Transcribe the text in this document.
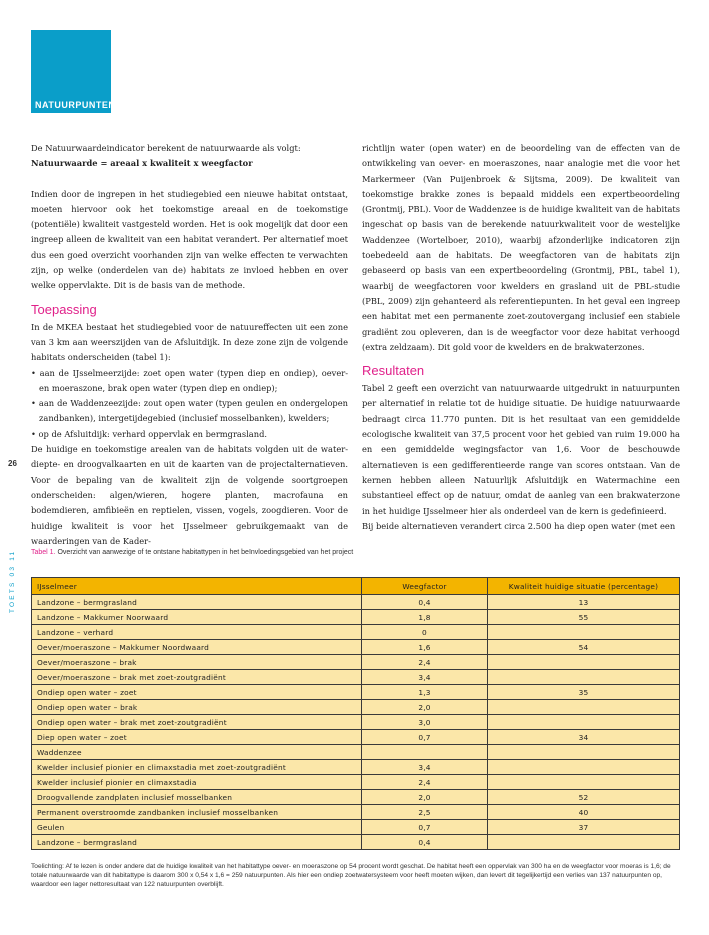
NATUURPUNTEN
26
TOETS 03 11

De Natuurwaardeindicator berekent de natuurwaarde als volgt:

Natuurwaarde = areaal x kwaliteit x weegfactor

Indien door de ingrepen in het studiegebied een nieuwe habitat ontstaat, moeten hiervoor ook het toekomstige areaal en de toekomstige (potentiële) kwaliteit vastgesteld worden. Het is ook mogelijk dat door een ingreep alleen de kwaliteit van een habitat verandert. Per alternatief moet dus een goed overzicht voorhanden zijn van welke effecten te verwachten zijn, op welke (onderdelen van de) habitats ze invloed hebben en over welke oppervlakte. Dit is de basis van de methode.

Toepassing

In de MKEA bestaat het studiegebied voor de natuureffecten uit een zone van 3 km aan weerszijden van de Afsluitdijk. In deze zone zijn de volgende habitats onderscheiden (tabel 1):

• aan de IJsselmeerzijde: zoet open water (typen diep en ondiep), oever- en moeraszone, brak open water (typen diep en ondiep);

• aan de Waddenzeezijde: zout open water (typen geulen en ondergelopen zandbanken), intergetijdegebied (inclusief mosselbanken), kwelders;

• op de Afsluitdijk: verhard oppervlak en bermgrasland.

De huidige en toekomstige arealen van de habitats volgden uit de water-diepte- en droogvalkaarten en uit de kaarten van de projectalternatieven. Voor de bepaling van de kwaliteit zijn de volgende soortgroepen onderscheiden: algen/wieren, hogere planten, macrofauna en bodemdieren, amfibieën en reptielen, vissen, vogels, zoogdieren. Voor de huidige kwaliteit is voor het IJsselmeer gebruikgemaakt van de waarderingen van de Kader-

richtlijn water (open water) en de beoordeling van de effecten van de ontwikkeling van oever- en moeraszones, naar analogie met die voor het Markermeer (Van Puijenbroek & Sijtsma, 2009). De kwaliteit van toekomstige brakke zones is bepaald middels een expertbeoordeling (Grontmij, PBL). Voor de Waddenzee is de huidige kwaliteit van de habitats ingeschat op basis van de berekende natuurkwaliteit voor de westelijke Waddenzee (Wortelboer, 2010), waarbij afzonderlijke indicatoren zijn toebedeeld aan de habitats. De weegfactoren van de habitats zijn gebaseerd op basis van een expertbeoordeling (Grontmij, PBL, tabel 1), waarbij de weegfactoren voor kwelders en grasland uit de PBL-studie (PBL, 2009) zijn gehanteerd als referentiepunten. In het geval een ingreep een habitat met een permanente zoet-zoutovergang inclusief een stabiele gradiënt zou opleveren, dan is de weegfactor voor deze habitat verhoogd (extra zeldzaam). Dit gold voor de kwelders en de brakwaterzones.

Resultaten

Tabel 2 geeft een overzicht van natuurwaarde uitgedrukt in natuurpunten per alternatief in relatie tot de huidige situatie. De huidige natuurwaarde bedraagt circa 11.770 punten. Dit is het resultaat van een gemiddelde ecologische kwaliteit van 37,5 procent voor het gebied van ruim 19.000 ha en een gemiddelde wegingsfactor van 1,6. Voor de beschouwde alternatieven is een gedifferentieerde range van scores ontstaan. Van de kernen hebben alleen Natuurlijk Afsluitdijk en Watermachine een substantieel effect op de natuur, omdat de aanleg van een brakwaterzone in het huidige IJsselmeer hier als onderdeel van de kern is gedefinieerd.

Bij beide alternatieven verandert circa 2.500 ha diep open water (met een

Tabel 1. Overzicht van aanwezige of te ontstane habitattypen in het beïnvloedingsgebied van het project
IJsselmeer	Weegfactor	Kwaliteit huidige situatie (percentage)
Landzone – bermgrasland	0,4	13
Landzone – Makkumer Noorwaard	1,8	55
Landzone – verhard	0	
Oever/moeraszone – Makkumer Noordwaard	1,6	54
Oever/moeraszone – brak	2,4	
Oever/moeraszone – brak met zoet-zoutgradiënt	3,4	
Ondiep open water – zoet	1,3	35
Ondiep open water – brak	2,0	
Ondiep open water – brak met zoet-zoutgradiënt	3,0	
Diep open water – zoet	0,7	34
Waddenzee		
Kwelder inclusief pionier en climaxstadia met zoet-zoutgradiënt	3,4	
Kwelder inclusief pionier en climaxstadia	2,4	
Droogvallende zandplaten inclusief mosselbanken	2,0	52
Permanent overstroomde zandbanken inclusief mosselbanken	2,5	40
Geulen	0,7	37
Landzone – bermgrasland	0,4	
Toelichting: Af te lezen is onder andere dat de huidige kwaliteit van het habitattype oever- en moeraszone op 54 procent wordt geschat. De habitat heeft een oppervlak van 300 ha en de weegfactor voor moeras is 1,6; de totale natuurwaarde van dit habitattype is daarom 300 x 0,54 x 1,6 = 259 natuurpunten. Als hier een ondiep zoetwatersysteem voor heeft moeten wijken, dan levert dit tegelijkertijd een verlies van 137 natuurpunten op, waardoor een lager nettoresultaat van 122 natuurpunten overblijft.
